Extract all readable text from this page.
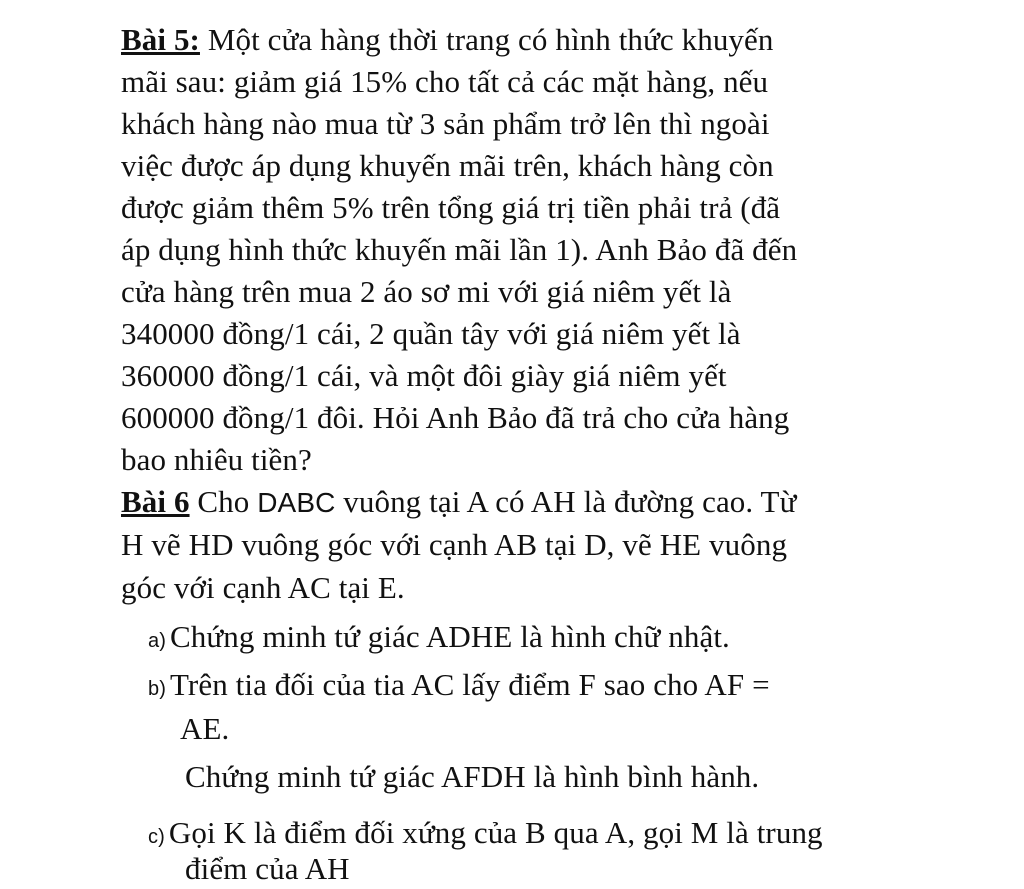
Bài 5: Một cửa hàng thời trang có hình thức khuyến
mãi sau: giảm giá 15% cho tất cả các mặt hàng, nếu
khách hàng nào mua từ 3 sản phẩm trở lên thì ngoài
việc được áp dụng khuyến mãi trên, khách hàng còn
được giảm thêm 5% trên tổng giá trị tiền phải trả (đã
áp dụng hình thức khuyến mãi lần 1). Anh Bảo đã đến
cửa hàng trên mua 2 áo sơ mi với giá niêm yết là
340000 đồng/1 cái, 2 quần tây với giá niêm yết là
360000 đồng/1 cái, và một đôi giày giá niêm yết
600000 đồng/1 đôi. Hỏi Anh Bảo đã trả cho cửa hàng
bao nhiêu tiền?
Bài 6 Cho DABC vuông tại A có AH là đường cao. Từ
H vẽ HD vuông góc với cạnh AB tại D, vẽ HE vuông
góc với cạnh AC tại E.
a) Chứng minh tứ giác ADHE là hình chữ nhật.
b) Trên tia đối của tia AC lấy điểm F sao cho AF =
AE.
Chứng minh tứ giác AFDH là hình bình hành.
c) Gọi K là điểm đối xứng của B qua A, gọi M là trung
điểm của AH
